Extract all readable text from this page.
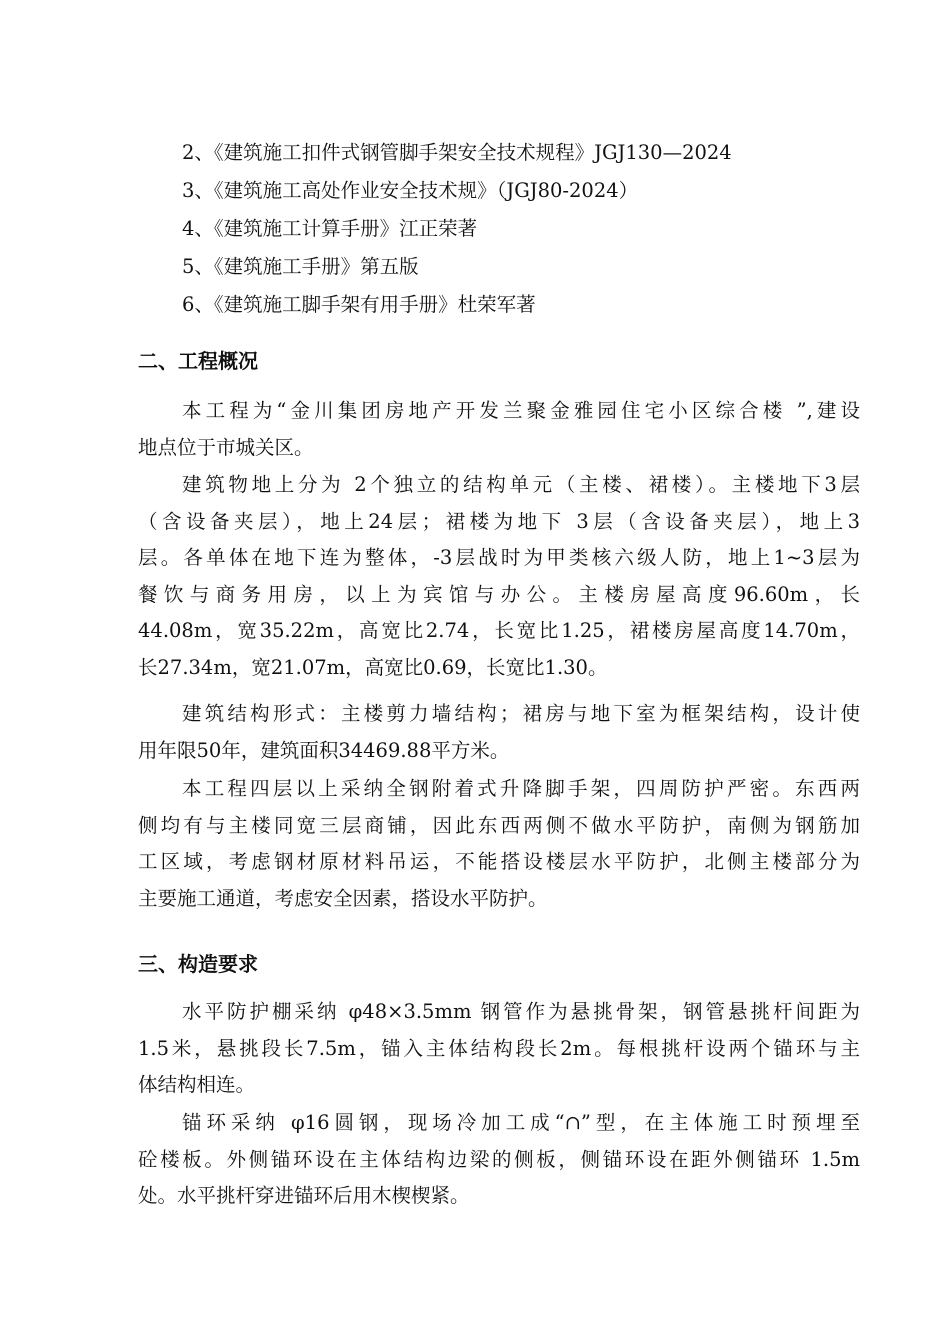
2、《建筑施工扣件式钢管脚手架安全技术规程》JGJ130—2024
3、《建筑施工高处作业安全技术规》（JGJ80-2024）
4、《建筑施工计算手册》江正荣著
5、《建筑施工手册》第五版
6、《建筑施工脚手架有用手册》杜荣军著
二、工程概况
本工程为“金川集团房地产开发兰聚金雅园住宅小区综合楼 ”,建设
地点位于市城关区。
建筑物地上分为 2个独立的结构单元（主楼、裙楼）。主楼地下3层
（含设备夹层），地上24层；裙楼为地下 3层（含设备夹层），地上3
层。各单体在地下连为整体，-3层战时为甲类核六级人防，地上1~3层为
餐饮与商务用房，以上为宾馆与办公。主楼房屋高度96.60m，长
44.08m，宽35.22m，高宽比2.74，长宽比1.25，裙楼房屋高度14.70m，
长27.34m，宽21.07m，高宽比0.69，长宽比1.30。
建筑结构形式：主楼剪力墙结构；裙房与地下室为框架结构，设计使
用年限50年，建筑面积34469.88平方米。
本工程四层以上采纳全钢附着式升降脚手架，四周防护严密。东西两
侧均有与主楼同宽三层商铺，因此东西两侧不做水平防护，南侧为钢筋加
工区域，考虑钢材原材料吊运，不能搭设楼层水平防护，北侧主楼部分为
主要施工通道，考虑安全因素，搭设水平防护。
三、构造要求
水平防护棚采纳 φ48×3.5mm 钢管作为悬挑骨架，钢管悬挑杆间距为
1.5米，悬挑段长7.5m，锚入主体结构段长2m。每根挑杆设两个锚环与主
体结构相连。
锚环采纳 φ16圆钢，现场冷加工成“∩”型，在主体施工时预埋至
砼楼板。外侧锚环设在主体结构边梁的侧板，侧锚环设在距外侧锚环 1.5m
处。水平挑杆穿进锚环后用木楔楔紧。
